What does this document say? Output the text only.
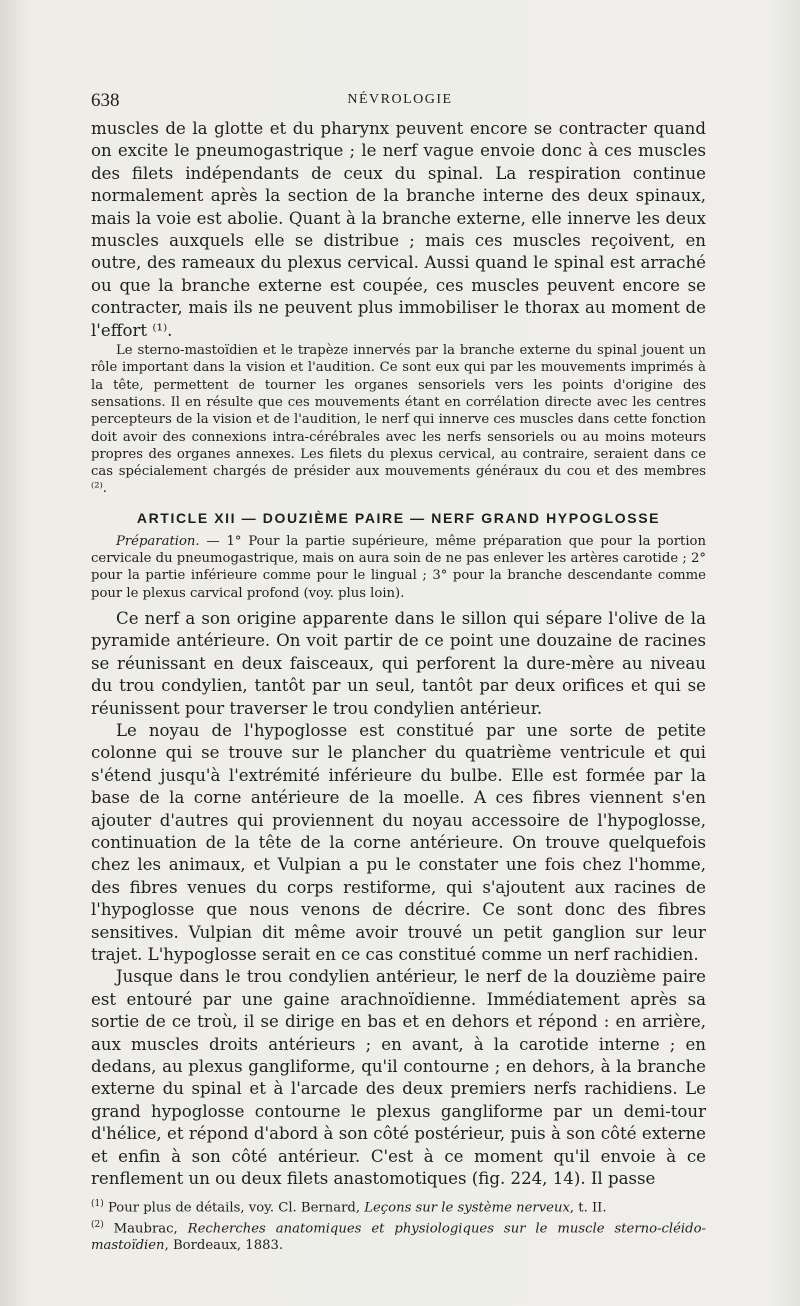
638	NÉVROLOGIE

muscles de la glotte et du pharynx peuvent encore se contracter quand on excite le pneumogastrique ; le nerf vague envoie donc à ces muscles des filets indépendants de ceux du spinal. La respiration continue normalement après la section de la branche interne des deux spinaux, mais la voie est abolie. Quant à la branche externe, elle innerve les deux muscles auxquels elle se distribue ; mais ces muscles reçoivent, en outre, des rameaux du plexus cervical. Aussi quand le spinal est arraché ou que la branche externe est coupée, ces muscles peuvent encore se contracter, mais ils ne peuvent plus immobiliser le thorax au moment de l'effort ⁽¹⁾.

Le sterno-mastoïdien et le trapèze innervés par la branche externe du spinal jouent un rôle important dans la vision et l'audition. Ce sont eux qui par les mouvements imprimés à la tête, permettent de tourner les organes sensoriels vers les points d'origine des sensations. Il en résulte que ces mouvements étant en corrélation directe avec les centres percepteurs de la vision et de l'audition, le nerf qui innerve ces muscles dans cette fonction doit avoir des connexions intra-cérébrales avec les nerfs sensoriels ou au moins moteurs propres des organes annexes. Les filets du plexus cervical, au contraire, seraient dans ce cas spécialement chargés de présider aux mouvements généraux du cou et des membres ⁽²⁾.

ARTICLE XII — DOUZIÈME PAIRE — NERF GRAND HYPOGLOSSE

Préparation. — 1° Pour la partie supérieure, même préparation que pour la portion cervicale du pneumogastrique, mais on aura soin de ne pas enlever les artères carotide ; 2° pour la partie inférieure comme pour le lingual ; 3° pour la branche descendante comme pour le plexus carvical profond (voy. plus loin).

Ce nerf a son origine apparente dans le sillon qui sépare l'olive de la pyramide antérieure. On voit partir de ce point une douzaine de racines se réunissant en deux faisceaux, qui perforent la dure-mère au niveau du trou condylien, tantôt par un seul, tantôt par deux orifices et qui se réunissent pour traverser le trou condylien antérieur.

Le noyau de l'hypoglosse est constitué par une sorte de petite colonne qui se trouve sur le plancher du quatrième ventricule et qui s'étend jusqu'à l'extrémité inférieure du bulbe. Elle est formée par la base de la corne antérieure de la moelle. A ces fibres viennent s'en ajouter d'autres qui proviennent du noyau accessoire de l'hypoglosse, continuation de la tête de la corne antérieure. On trouve quelquefois chez les animaux, et Vulpian a pu le constater une fois chez l'homme, des fibres venues du corps restiforme, qui s'ajoutent aux racines de l'hypoglosse que nous venons de décrire. Ce sont donc des fibres sensitives. Vulpian dit même avoir trouvé un petit ganglion sur leur trajet. L'hypoglosse serait en ce cas constitué comme un nerf rachidien.

Jusque dans le trou condylien antérieur, le nerf de la douzième paire est entouré par une gaine arachnoïdienne. Immédiatement après sa sortie de ce troù, il se dirige en bas et en dehors et répond : en arrière, aux muscles droits antérieurs ; en avant, à la carotide interne ; en dedans, au plexus gangliforme, qu'il contourne ; en dehors, à la branche externe du spinal et à l'arcade des deux premiers nerfs rachidiens. Le grand hypoglosse contourne le plexus gangliforme par un demi-tour d'hélice, et répond d'abord à son côté postérieur, puis à son côté externe et enfin à son côté antérieur. C'est à ce moment qu'il envoie à ce renflement un ou deux filets anastomotiques (fig. 224, 14). Il passe

$^{(1)}$ Pour plus de détails, voy. Cl. Bernard, Leçons sur le système nerveux, t. II.

$^{(2)}$ Maubrac, Recherches anatomiques et physiologiques sur le muscle sterno-cléido-mastoïdien, Bordeaux, 1883.
